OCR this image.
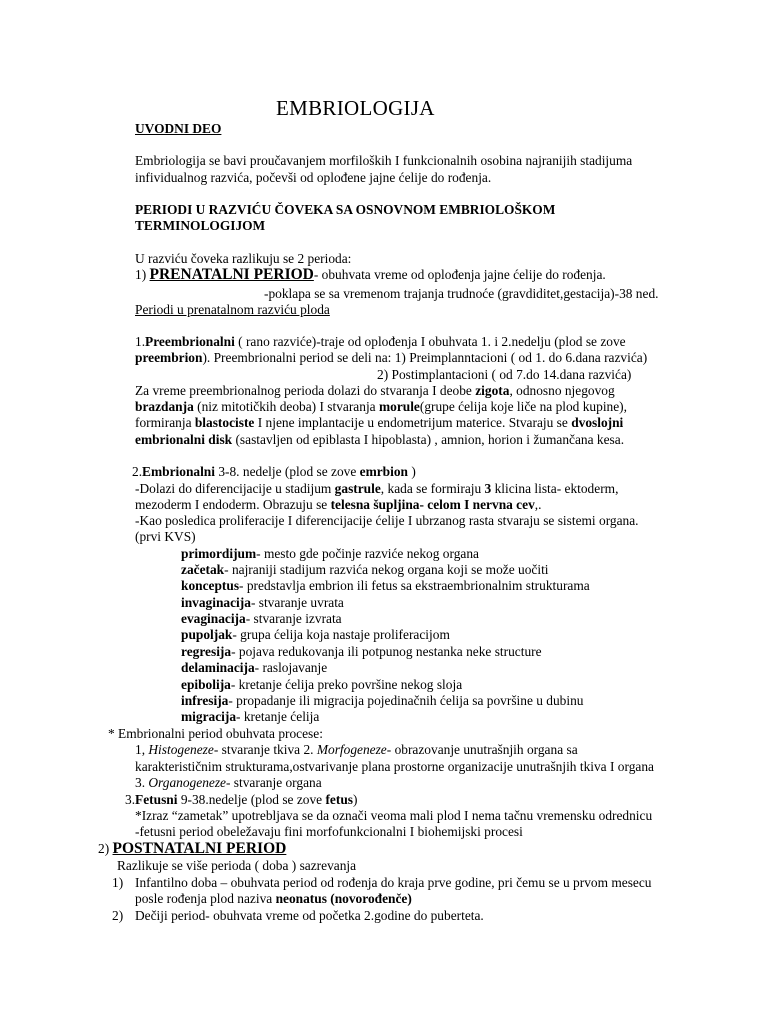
EMBRIOLOGIJA
UVODNI DEO
Embriologija se bavi proučavanjem morfiloških I funkcionalnih osobina najranijih stadijuma
infividualnog razvića, počevši od oplođene jajne ćelije do rođenja.
PERIODI U RAZVIĆU ČOVEKA SA OSNOVNOM EMBRIOLOŠKOM
TERMINOLOGIJOM
U razviću čoveka razlikuju se 2 perioda:
1) PRENATALNI PERIOD- obuhvata vreme od oplođenja jajne ćelije do rođenja.
-poklapa se sa vremenom trajanja trudnoće (gravdiditet,gestacija)-38 ned.
Periodi u prenatalnom razviću ploda
1.Preembrionalni ( rano razviće)-traje od oplođenja I obuhvata 1. i 2.nedelju (plod se zove
preembrion). Preembrionalni period se deli na: 1) Preimplanntacioni ( od 1. do 6.dana razvića)
2) Postimplantacioni ( od 7.do 14.dana razvića)
Za vreme preembrionalnog perioda dolazi do stvaranja I deobe zigota, odnosno njegovog
brazdanja (niz mitotičkih deoba) I stvaranja morule(grupe ćelija koje liče na plod kupine),
formiranja blastociste I njene implantacije u endometrijum materice. Stvaraju se dvoslojni
embrionalni disk (sastavljen od epiblasta I hipoblasta) , amnion, horion i žumančana kesa.
2.Embrionalni 3-8. nedelje (plod se zove emrbion )
-Dolazi do diferencijacije u stadijum gastrule, kada se formiraju 3 klicina lista- ektoderm,
mezoderm I endoderm. Obrazuju se telesna šupljina- celom I nervna cev,.
-Kao posledica proliferacije I diferencijacije ćelije I ubrzanog rasta stvaraju se sistemi organa.
(prvi KVS)
primordijum- mesto gde počinje razviće nekog organa
začetak- najraniji stadijum razvića nekog organa koji se može uočiti
konceptus- predstavlja embrion ili fetus sa ekstraembrionalnim strukturama
invaginacija- stvaranje uvrata
evaginacija- stvaranje izvrata
pupoljak- grupa ćelija koja nastaje proliferacijom
regresija- pojava redukovanja ili potpunog nestanka neke structure
delaminacija- raslojavanje
epibolija- kretanje ćelija preko površine nekog sloja
infresija- propadanje ili migracija pojedinačnih ćelija sa površine u dubinu
migracija- kretanje ćelija
* Embrionalni period obuhvata procese:
1, Histogeneze- stvaranje tkiva 2. Morfogeneze- obrazovanje unutrašnjih organa sa
karakterističnim strukturama,ostvarivanje plana prostorne organizacije unutrašnjih tkiva I organa
3. Organogeneze- stvaranje organa
3.Fetusni 9-38.nedelje (plod se zove fetus)
*Izraz “zametak” upotrebljava se da označi veoma mali plod I nema tačnu vremensku odrednicu
-fetusni period obeležavaju fini morfofunkcionalni I biohemijski procesi
2) POSTNATALNI PERIOD
Razlikuje se više perioda ( doba ) sazrevanja
1) Infantilno doba – obuhvata period od rođenja do kraja prve godine, pri čemu se u prvom mesecu
posle rođenja plod naziva neonatus (novorođenče)
2) Dečiji period- obuhvata vreme od početka 2.godine do puberteta.
